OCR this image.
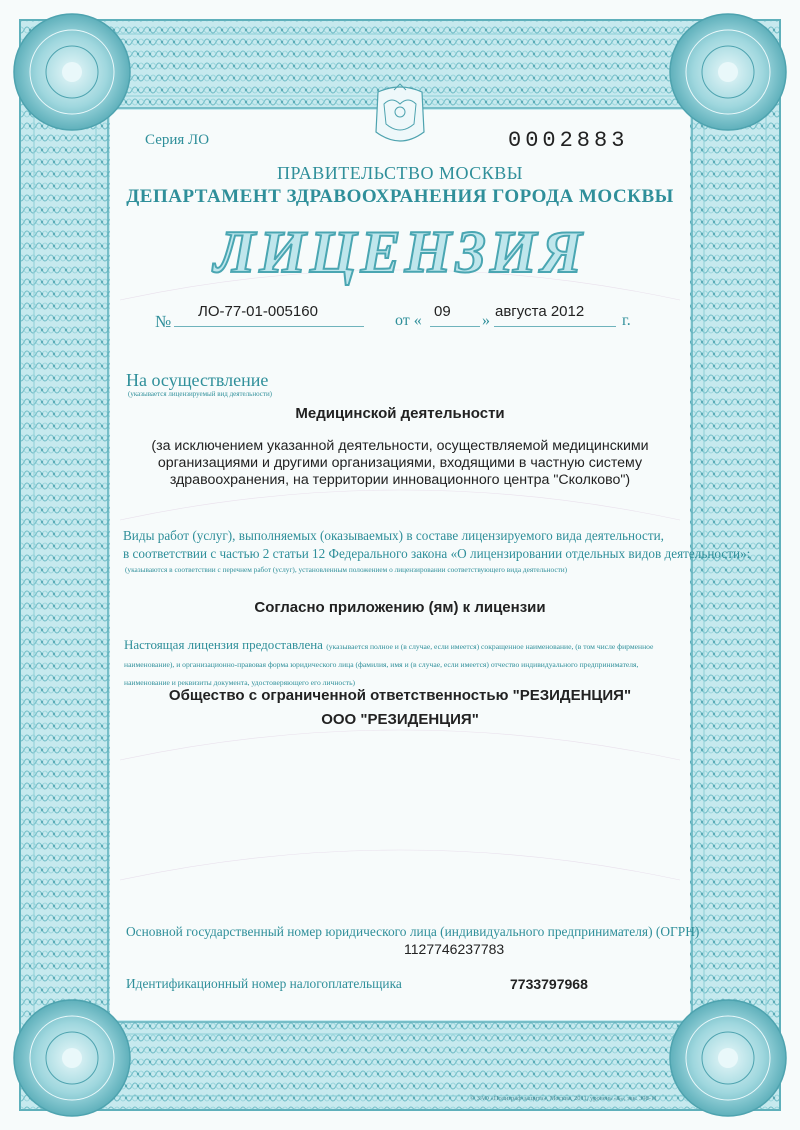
Серия ЛО	0002883
ПРАВИТЕЛЬСТВО МОСКВЫ
ДЕПАРТАМЕНТ ЗДРАВООХРАНЕНИЯ ГОРОДА МОСКВЫ
ЛИЦЕНЗИЯ
№
ЛО-77-01-005160
от «
09
»
августа 2012
г.
На осуществление
(указывается лицензируемый вид деятельности)
Медицинской деятельности
(за исключением указанной деятельности, осуществляемой медицинскими организациями и другими организациями, входящими в частную систему здравоохранения, на территории инновационного центра "Сколково")
Виды работ (услуг), выполняемых (оказываемых) в составе лицензируемого вида деятельности,
в соответствии с частью 2 статьи 12 Федерального закона «О лицензировании отдельных видов деятельности»:
(указываются в соответствии с перечнем работ (услуг), установленным положением о лицензировании соответствующего вида деятельности)
Согласно приложению (ям) к лицензии
Настоящая лицензия предоставлена (указывается полное и (в случае, если имеется) сокращенное наименование, (в том числе фирменное наименование), и организационно-правовая форма юридического лица (фамилия, имя и (в случае, если имеется) отчество индивидуального предпринимателя, наименование и реквизиты документа, удостоверяющего его личность)
Общество с ограниченной ответственностью "РЕЗИДЕНЦИЯ"
ООО "РЕЗИДЕНЦИЯ"
Основной государственный номер юридического лица (индивидуального предпринимателя) (ОГРН)
1127746237783
Идентификационный номер налогоплательщика	7733797968
© ЗАО «Полиграф-защита», Москва, 2011, уровень «Б», зак. 398-11
